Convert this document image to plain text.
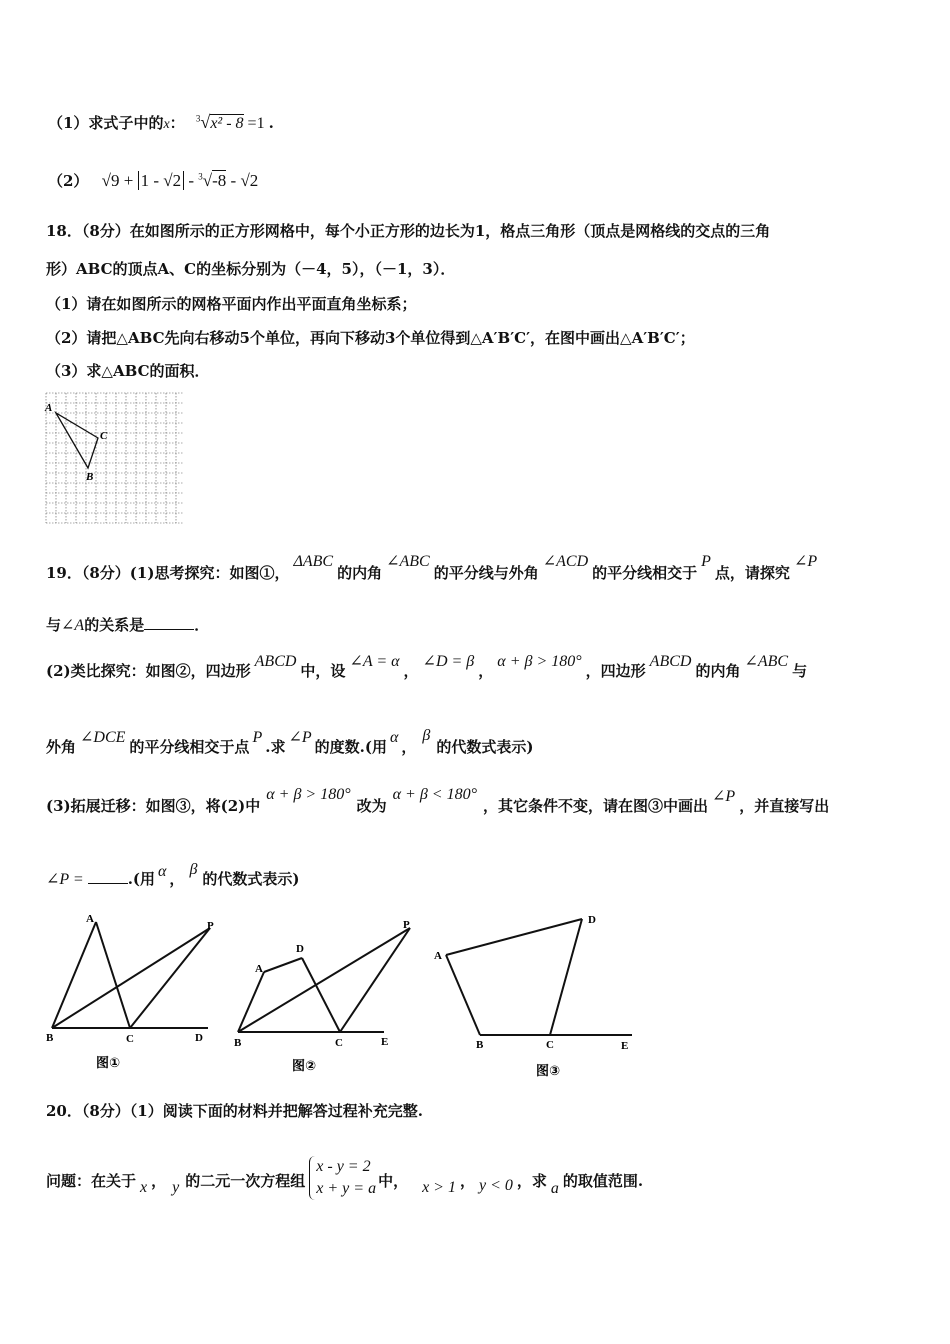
（1）求式子中的x： $^3$√x² - 8 =1 .
（2） √9 + 1 - √2 - $^3$√-8 - √2
18．（8分）在如图所示的正方形网格中，每个小正方形的边长为1，格点三角形（顶点是网格线的交点的三角
形）ABC的顶点A、C的坐标分别为（－4，5），（－1，3）．
（1）请在如图所示的网格平面内作出平面直角坐标系；
（2）请把△ABC先向右移动5个单位，再向下移动3个单位得到△A′B′C′，在图中画出△A′B′C′；
（3）求△ABC的面积．
A
B
C
19．（8分）(1)思考探究：如图①，ΔABC的内角∠ABC的平分线与外角∠ACD的平分线相交于P点，请探究∠P
与∠A的关系是	．
(2)类比探究：如图②，四边形ABCD中，设∠A = α，∠D = β，α + β > 180°，四边形ABCD的内角∠ABC与
外角∠DCE的平分线相交于点P.求∠P的度数.(用α，β的代数式表示)
(3)拓展迁移：如图③，将(2)中α + β > 180°改为α + β < 180°，其它条件不变，请在图③中画出∠P，并直接写出
∠P =	.(用 α ，β的代数式表示)
A
B	C	D
P
图①
A
B	C
D
E
P
图②
A
B	C
D
E
图③
20．（8分）（1）阅读下面的材料并把解答过程补充完整.
问题：在关于 x ， y 的二元一次方程组
x - y = 2
x + y = a 中， x > 1 ， y < 0 ，求 a 的取值范围.
